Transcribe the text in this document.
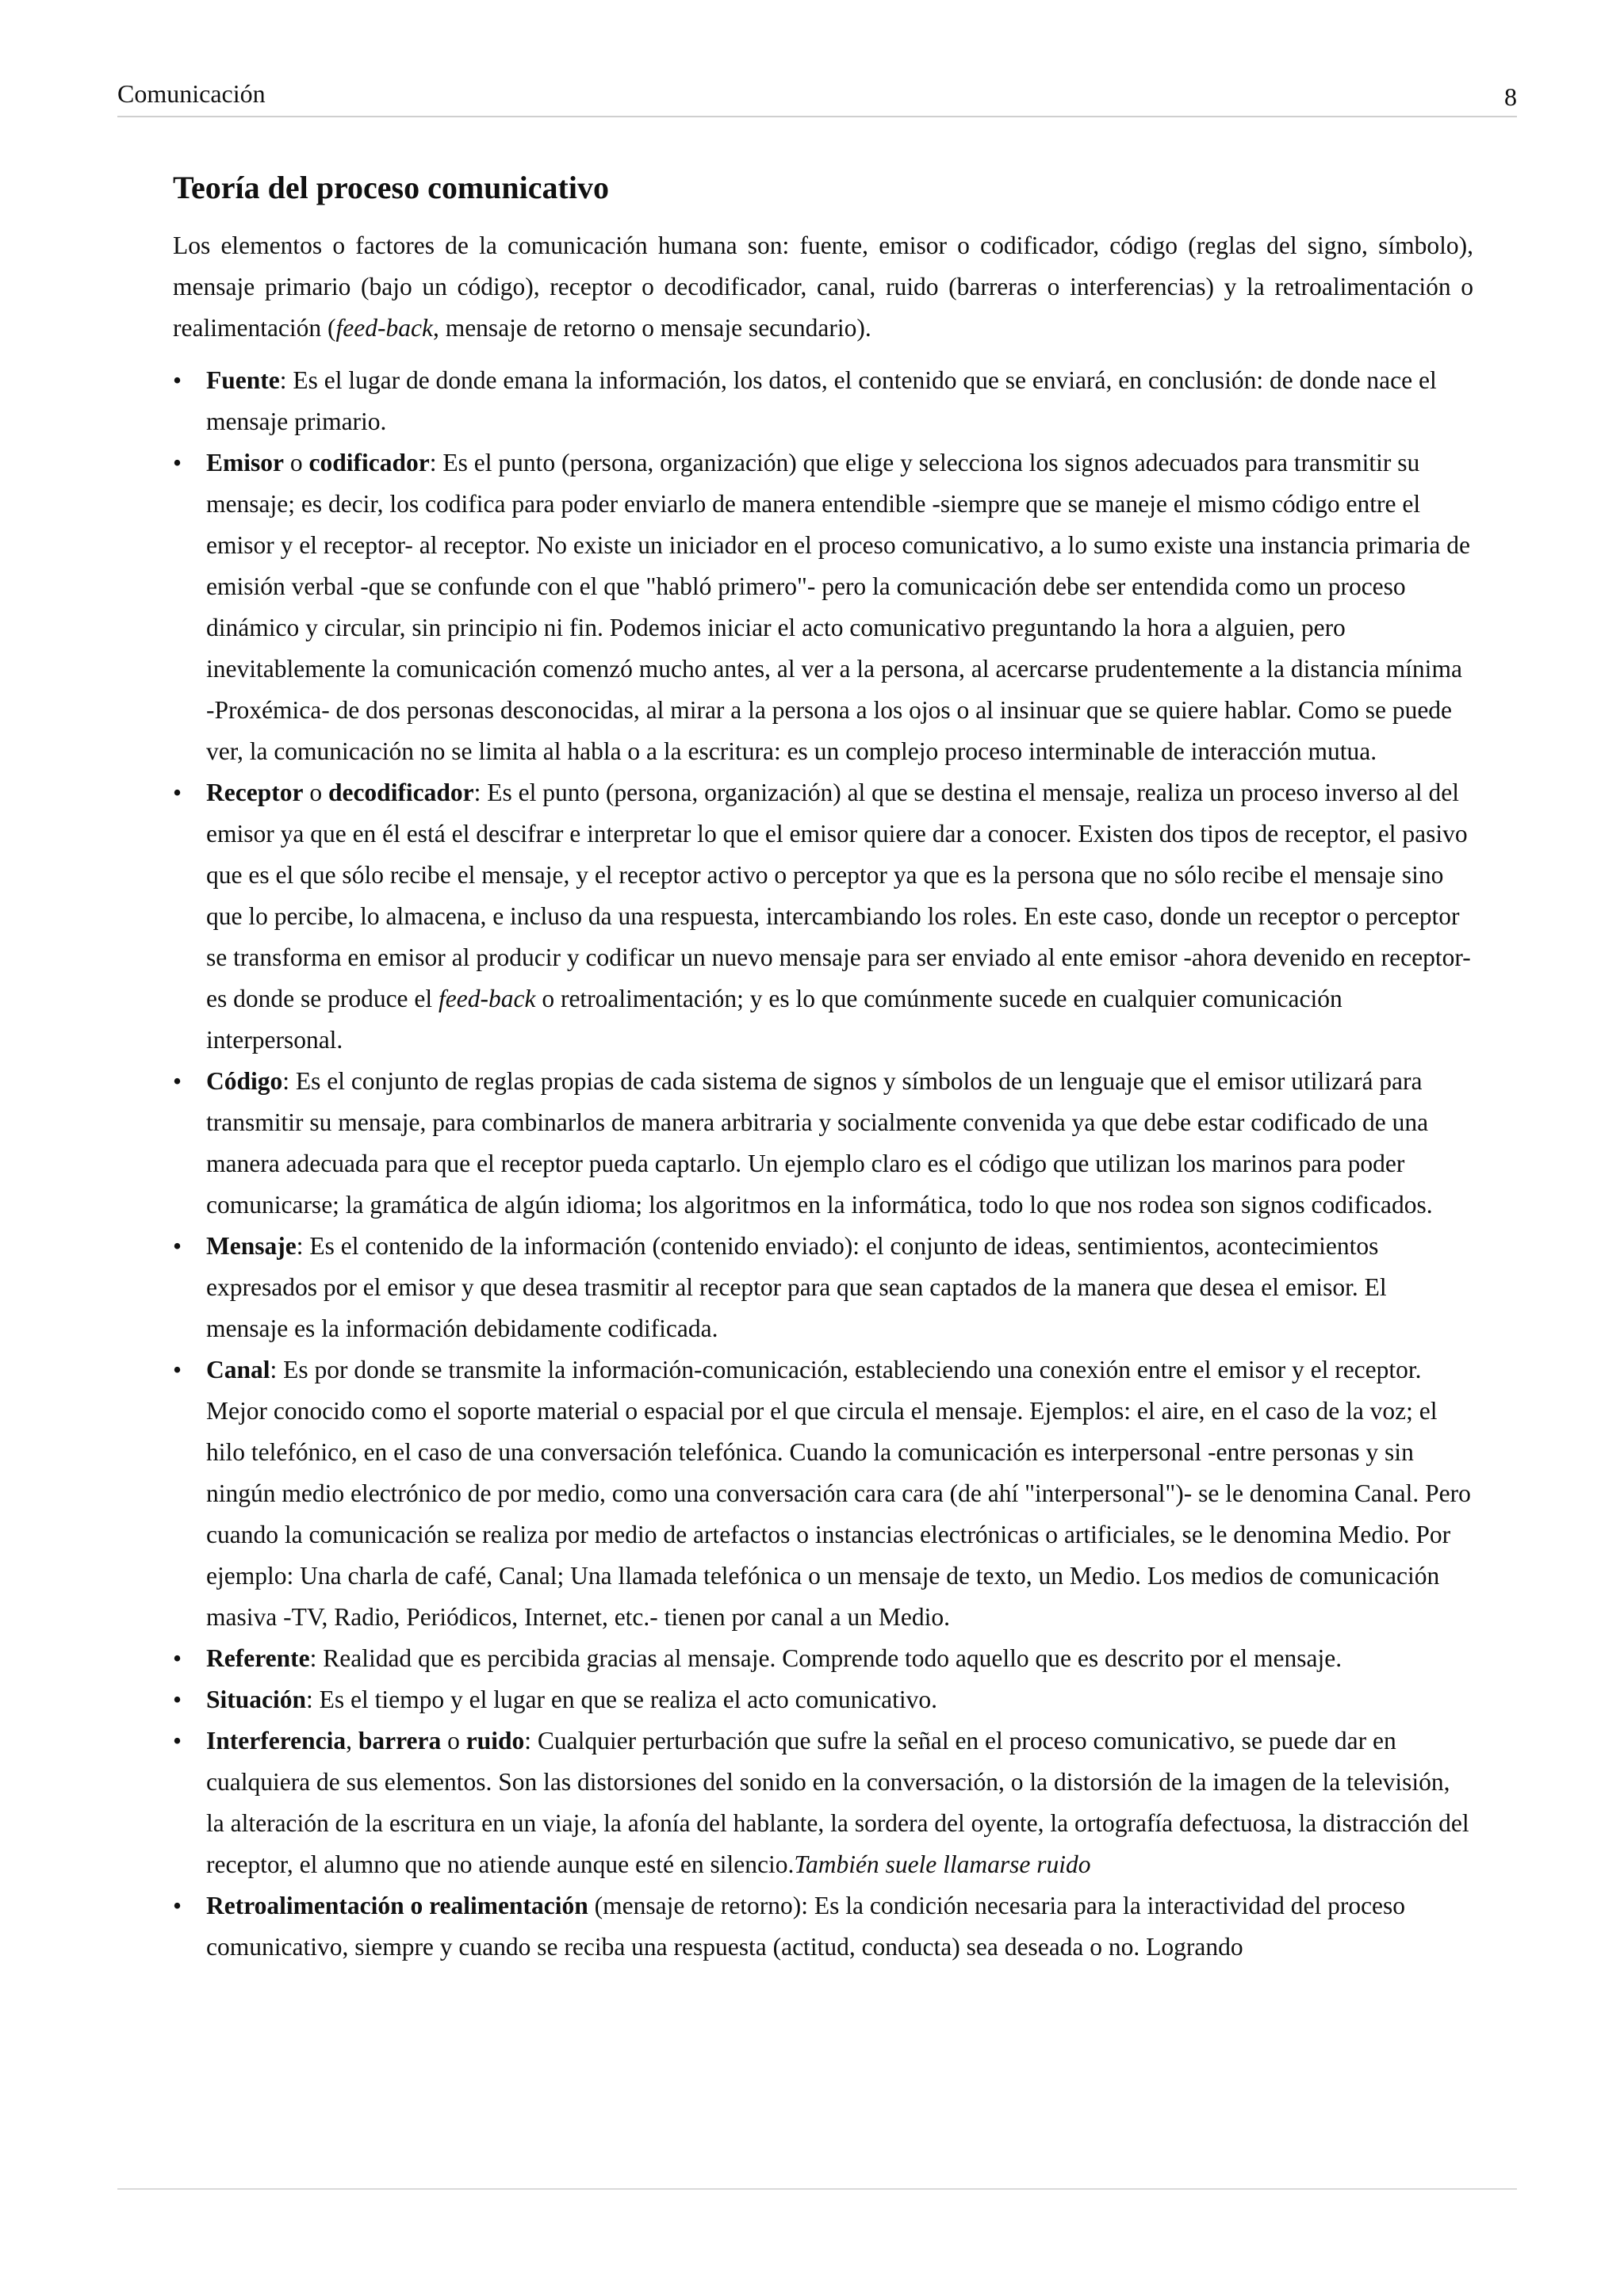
Comunicación	8
Teoría del proceso comunicativo

Los elementos o factores de la comunicación humana son: fuente, emisor o codificador, código (reglas del signo, símbolo), mensaje primario (bajo un código), receptor o decodificador, canal, ruido (barreras o interferencias) y la retroalimentación o realimentación (feed-back, mensaje de retorno o mensaje secundario).

• Fuente: Es el lugar de donde emana la información, los datos, el contenido que se enviará, en conclusión: de donde nace el mensaje primario.
• Emisor o codificador: Es el punto (persona, organización) que elige y selecciona los signos adecuados para transmitir su mensaje; es decir, los codifica para poder enviarlo de manera entendible -siempre que se maneje el mismo código entre el emisor y el receptor- al receptor. No existe un iniciador en el proceso comunicativo, a lo sumo existe una instancia primaria de emisión verbal -que se confunde con el que "habló primero"- pero la comunicación debe ser entendida como un proceso dinámico y circular, sin principio ni fin. Podemos iniciar el acto comunicativo preguntando la hora a alguien, pero inevitablemente la comunicación comenzó mucho antes, al ver a la persona, al acercarse prudentemente a la distancia mínima -Proxémica- de dos personas desconocidas, al mirar a la persona a los ojos o al insinuar que se quiere hablar. Como se puede ver, la comunicación no se limita al habla o a la escritura: es un complejo proceso interminable de interacción mutua.
• Receptor o decodificador: Es el punto (persona, organización) al que se destina el mensaje, realiza un proceso inverso al del emisor ya que en él está el descifrar e interpretar lo que el emisor quiere dar a conocer. Existen dos tipos de receptor, el pasivo que es el que sólo recibe el mensaje, y el receptor activo o perceptor ya que es la persona que no sólo recibe el mensaje sino que lo percibe, lo almacena, e incluso da una respuesta, intercambiando los roles. En este caso, donde un receptor o perceptor se transforma en emisor al producir y codificar un nuevo mensaje para ser enviado al ente emisor -ahora devenido en receptor- es donde se produce el feed-back o retroalimentación; y es lo que comúnmente sucede en cualquier comunicación interpersonal.
• Código: Es el conjunto de reglas propias de cada sistema de signos y símbolos de un lenguaje que el emisor utilizará para transmitir su mensaje, para combinarlos de manera arbitraria y socialmente convenida ya que debe estar codificado de una manera adecuada para que el receptor pueda captarlo. Un ejemplo claro es el código que utilizan los marinos para poder comunicarse; la gramática de algún idioma; los algoritmos en la informática, todo lo que nos rodea son signos codificados.
• Mensaje: Es el contenido de la información (contenido enviado): el conjunto de ideas, sentimientos, acontecimientos expresados por el emisor y que desea trasmitir al receptor para que sean captados de la manera que desea el emisor. El mensaje es la información debidamente codificada.
• Canal: Es por donde se transmite la información-comunicación, estableciendo una conexión entre el emisor y el receptor. Mejor conocido como el soporte material o espacial por el que circula el mensaje. Ejemplos: el aire, en el caso de la voz; el hilo telefónico, en el caso de una conversación telefónica. Cuando la comunicación es interpersonal -entre personas y sin ningún medio electrónico de por medio, como una conversación cara cara (de ahí "interpersonal")- se le denomina Canal. Pero cuando la comunicación se realiza por medio de artefactos o instancias electrónicas o artificiales, se le denomina Medio. Por ejemplo: Una charla de café, Canal; Una llamada telefónica o un mensaje de texto, un Medio. Los medios de comunicación masiva -TV, Radio, Periódicos, Internet, etc.- tienen por canal a un Medio.
• Referente: Realidad que es percibida gracias al mensaje. Comprende todo aquello que es descrito por el mensaje.
• Situación: Es el tiempo y el lugar en que se realiza el acto comunicativo.
• Interferencia, barrera o ruido: Cualquier perturbación que sufre la señal en el proceso comunicativo, se puede dar en cualquiera de sus elementos. Son las distorsiones del sonido en la conversación, o la distorsión de la imagen de la televisión, la alteración de la escritura en un viaje, la afonía del hablante, la sordera del oyente, la ortografía defectuosa, la distracción del receptor, el alumno que no atiende aunque esté en silencio.También suele llamarse ruido
• Retroalimentación o realimentación (mensaje de retorno): Es la condición necesaria para la interactividad del proceso comunicativo, siempre y cuando se reciba una respuesta (actitud, conducta) sea deseada o no. Logrando
